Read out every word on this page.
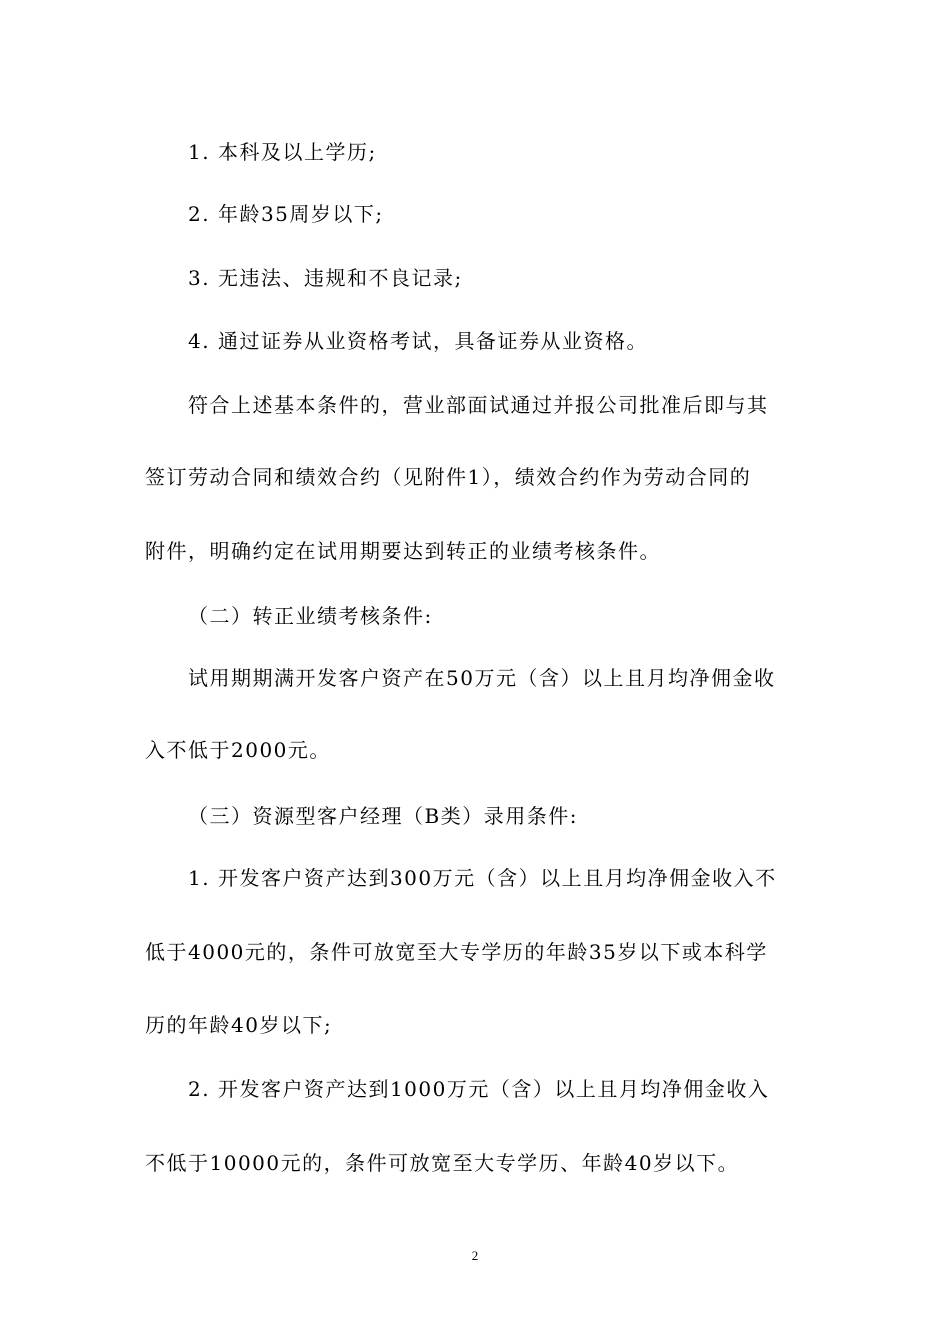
1. 本科及以上学历;
2. 年龄35周岁以下;
3. 无违法、违规和不良记录;
4. 通过证券从业资格考试，具备证券从业资格。
符合上述基本条件的，营业部面试通过并报公司批准后即与其
签订劳动合同和绩效合约（见附件1），绩效合约作为劳动合同的
附件，明确约定在试用期要达到转正的业绩考核条件。
（二）转正业绩考核条件:
试用期期满开发客户资产在50万元（含）以上且月均净佣金收
入不低于2000元。
（三）资源型客户经理（B类）录用条件:
1. 开发客户资产达到300万元（含）以上且月均净佣金收入不
低于4000元的，条件可放宽至大专学历的年龄35岁以下或本科学
历的年龄40岁以下;
2. 开发客户资产达到1000万元（含）以上且月均净佣金收入
不低于10000元的，条件可放宽至大专学历、年龄40岁以下。
2
